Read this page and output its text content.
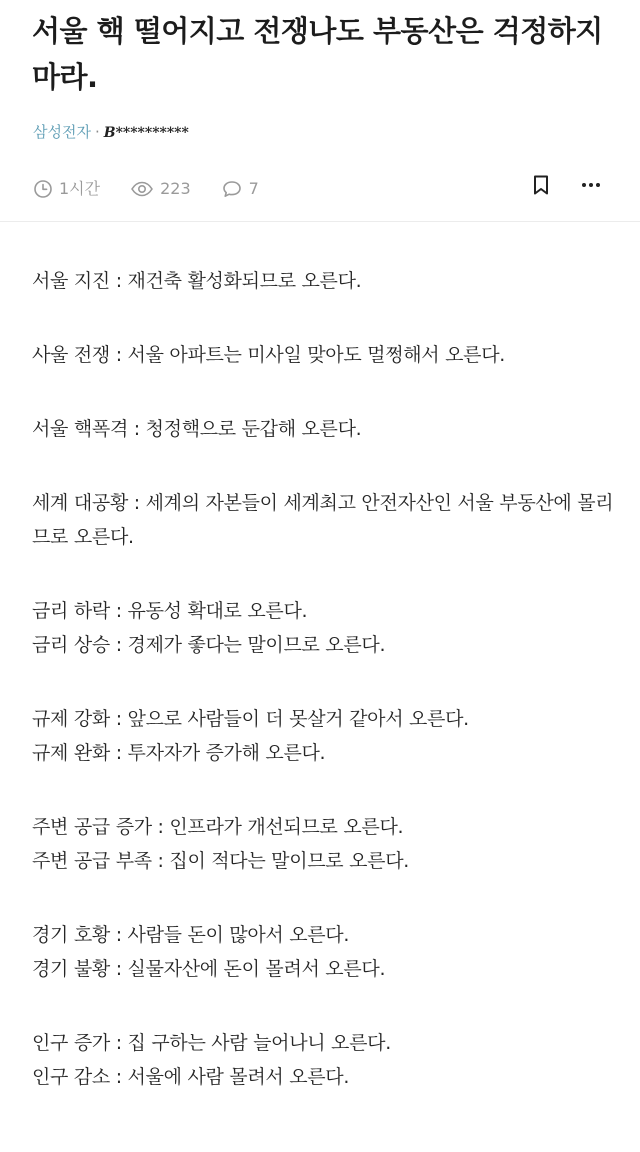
서울 핵 떨어지고 전쟁나도 부동산은 걱정하지 마라.
삼성전자 · B**********
1시간	223	7

서울 지진 : 재건축 활성화되므로 오른다.

사울 전쟁 : 서울 아파트는 미사일 맞아도 멀쩡해서 오른다.

서울 핵폭격 : 청정핵으로 둔갑해 오른다.

세계 대공황 : 세계의 자본들이 세계최고 안전자산인 서울 부동산에 몰리므로 오른다.

금리 하락 : 유동성 확대로 오른다.
금리 상승 : 경제가 좋다는 말이므로 오른다.

규제 강화 : 앞으로 사람들이 더 못살거 같아서 오른다.
규제 완화 : 투자자가 증가해 오른다.

주변 공급 증가 : 인프라가 개선되므로 오른다.
주변 공급 부족 : 집이 적다는 말이므로 오른다.

경기 호황 : 사람들 돈이 많아서 오른다.
경기 불황 : 실물자산에 돈이 몰려서 오른다.

인구 증가 : 집 구하는 사람 늘어나니 오른다.
인구 감소 : 서울에 사람 몰려서 오른다.
